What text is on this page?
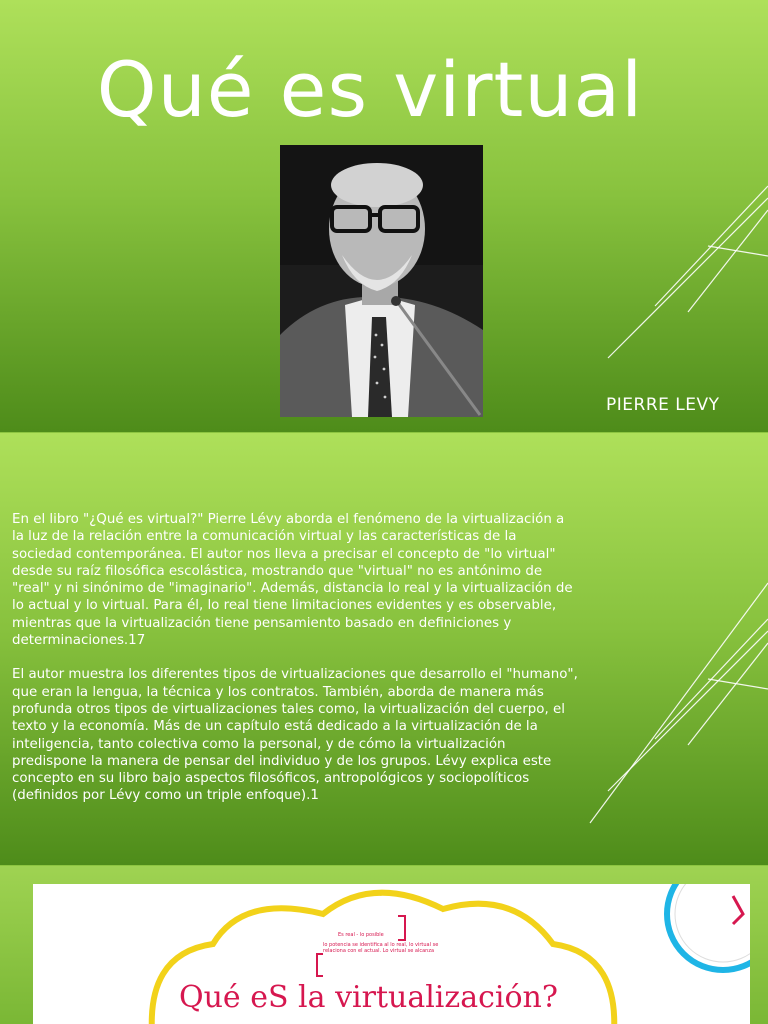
Qué es virtual
PIERRE LEVY

En el libro "¿Qué es virtual?" Pierre Lévy aborda el fenómeno de la virtualización a la luz de la relación entre la comunicación virtual y las características de la sociedad contemporánea. El autor nos lleva a precisar el concepto de "lo virtual" desde su raíz filosófica escolástica, mostrando que "virtual" no es antónimo de "real" y ni sinónimo de "imaginario". Además, distancia lo real y la virtualización de lo actual y lo virtual. Para él, lo real tiene limitaciones evidentes y es observable, mientras que la virtualización tiene pensamiento basado en definiciones y determinaciones.17

El autor muestra los diferentes tipos de virtualizaciones que desarrollo el "humano", que eran la lengua, la técnica y los contratos. También, aborda de manera más profunda otros tipos de virtualizaciones tales como, la virtualización del cuerpo, el texto y la economía. Más de un capítulo está dedicado a la virtualización de la inteligencia, tanto colectiva como la personal, y de cómo la virtualización predispone la manera de pensar del individuo y de los grupos. Lévy explica este concepto en su libro bajo aspectos filosóficos, antropológicos y sociopolíticos (definidos por Lévy como un triple enfoque).1

Es real - lo posible
lo potencia se identifica al lo real, lo virtual se
relaciona con el actual. Lo virtual se alcanza
Qué eS la virtualización?
